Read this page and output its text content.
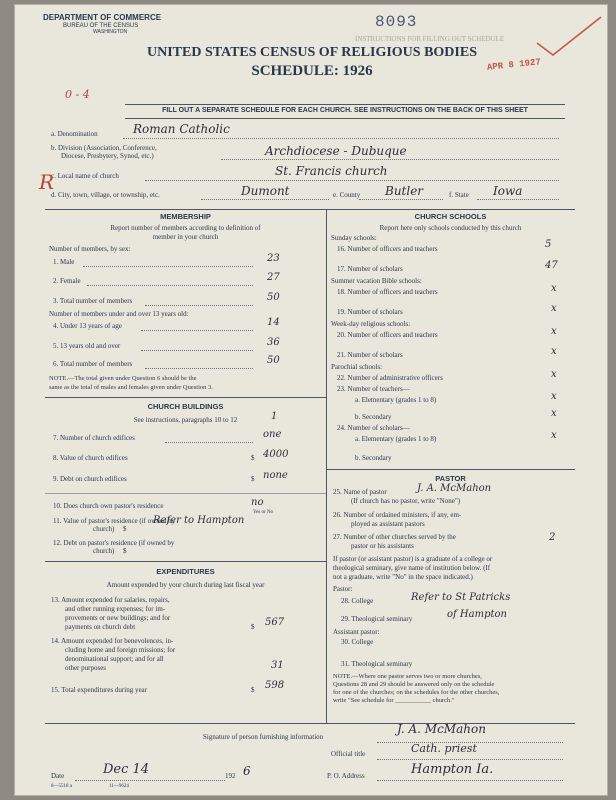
DEPARTMENT OF COMMERCE
BUREAU OF THE CENSUS
WASHINGTON
8093
INSTRUCTIONS FOR FILLING OUT SCHEDULE
UNITED STATES CENSUS OF RELIGIOUS BODIES
SCHEDULE: 1926	APR 8 1927
0 - 4
FILL OUT A SEPARATE SCHEDULE FOR EACH CHURCH. SEE INSTRUCTIONS ON THE BACK OF THIS SHEET
a. Denomination	Roman Catholic
b. Division (Association, Conference,
Diocese, Presbytery, Synod, etc.)	Archdiocese - Dubuque
c. Local name of church	St. Francis church
R
d. City, town, village, or township, etc.	Dumont	e. County Butler	f. State Iowa
MEMBERSHIP
Report number of members according to definition of
member in your church
Number of members, by sex:
1. Male	23
2. Female	27
3. Total number of members	50
Number of members under and over 13 years old:
4. Under 13 years of age	14
5. 13 years old and over	36
6. Total number of members	50
NOTE.—The total given under Question 6 should be the
same as the total of males and females given under Question 3.
CHURCH BUILDINGS
See instructions, paragraphs 10 to 12	1
7. Number of church edifices	one
8. Value of church edifices	$ 4000
9. Debt on church edifices	$ none
10. Does church own pastor's residence	no
Yes or No
11. Value of pastor's residence (if owned by
church) $
Refer to Hampton
12. Debt on pastor's residence (if owned by
church) $
EXPENDITURES
Amount expended by your church during last fiscal year
13. Amount expended for salaries, repairs,
and other running expenses; for im-
provements or new buildings; and for
payments on church debt	$ 567
14. Amount expended for benevolences, in-
cluding home and foreign missions; for
denominational support; and for all
other purposes	31
15. Total expenditures during year	$ 598
CHURCH SCHOOLS
Report here only schools conducted by this church
Sunday schools:
16. Number of officers and teachers	5
17. Number of scholars	47
Summer vacation Bible schools:
18. Number of officers and teachers	x
19. Number of scholars	x
Week-day religious schools:
20. Number of officers and teachers	x
21. Number of scholars	x
Parochial schools:
22. Number of administrative officers	x
23. Number of teachers—
a. Elementary (grades 1 to 8)	x
b. Secondary	x
24. Number of scholars—
a. Elementary (grades 1 to 8)	x
b. Secondary
PASTOR
25. Name of pastor	J. A. McMahon
(If church has no pastor, write "None")
26. Number of ordained ministers, if any, em-
ployed as assistant pastors
27. Number of other churches served by the
pastor or his assistants
2
If pastor (or assistant pastor) is a graduate of a college or
theological seminary, give name of institution below. (If
not a graduate, write "No" in the space indicated.)
Pastor:
28. College	Refer to St Patricks
29. Theological seminary	of Hampton
Assistant pastor:
30. College
31. Theological seminary
NOTE.—Where one pastor serves two or more churches,
Questions 28 and 29 should be answered only on the schedule
for one of the churches; on the schedules for the other churches,
write "See schedule for ___________ church."
Signature of person furnishing information
J. A. McMahon
Official title	Cath. priest
Date	Dec 14	192 6	P. O. Address	Hampton Ia.
8—5518 a	11—9624
